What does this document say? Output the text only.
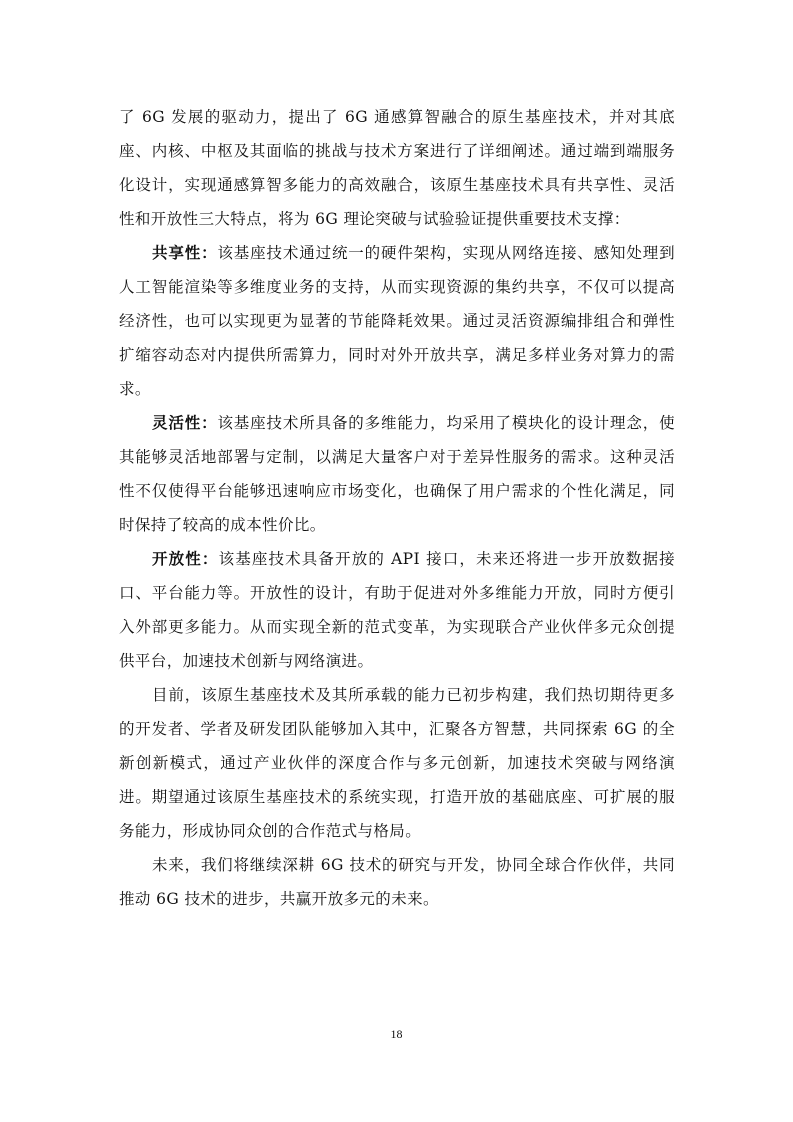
了 6G 发展的驱动力，提出了 6G 通感算智融合的原生基座技术，并对其底座、内核、中枢及其面临的挑战与技术方案进行了详细阐述。通过端到端服务化设计，实现通感算智多能力的高效融合，该原生基座技术具有共享性、灵活性和开放性三大特点，将为 6G 理论突破与试验验证提供重要技术支撑：

共享性：该基座技术通过统一的硬件架构，实现从网络连接、感知处理到人工智能渲染等多维度业务的支持，从而实现资源的集约共享，不仅可以提高经济性，也可以实现更为显著的节能降耗效果。通过灵活资源编排组合和弹性扩缩容动态对内提供所需算力，同时对外开放共享，满足多样业务对算力的需求。

灵活性：该基座技术所具备的多维能力，均采用了模块化的设计理念，使其能够灵活地部署与定制，以满足大量客户对于差异性服务的需求。这种灵活性不仅使得平台能够迅速响应市场变化，也确保了用户需求的个性化满足，同时保持了较高的成本性价比。

开放性：该基座技术具备开放的 API 接口，未来还将进一步开放数据接口、平台能力等。开放性的设计，有助于促进对外多维能力开放，同时方便引入外部更多能力。从而实现全新的范式变革，为实现联合产业伙伴多元众创提供平台，加速技术创新与网络演进。

目前，该原生基座技术及其所承载的能力已初步构建，我们热切期待更多的开发者、学者及研发团队能够加入其中，汇聚各方智慧，共同探索 6G 的全新创新模式，通过产业伙伴的深度合作与多元创新，加速技术突破与网络演进。期望通过该原生基座技术的系统实现，打造开放的基础底座、可扩展的服务能力，形成协同众创的合作范式与格局。

未来，我们将继续深耕 6G 技术的研究与开发，协同全球合作伙伴，共同推动 6G 技术的进步，共赢开放多元的未来。

18
